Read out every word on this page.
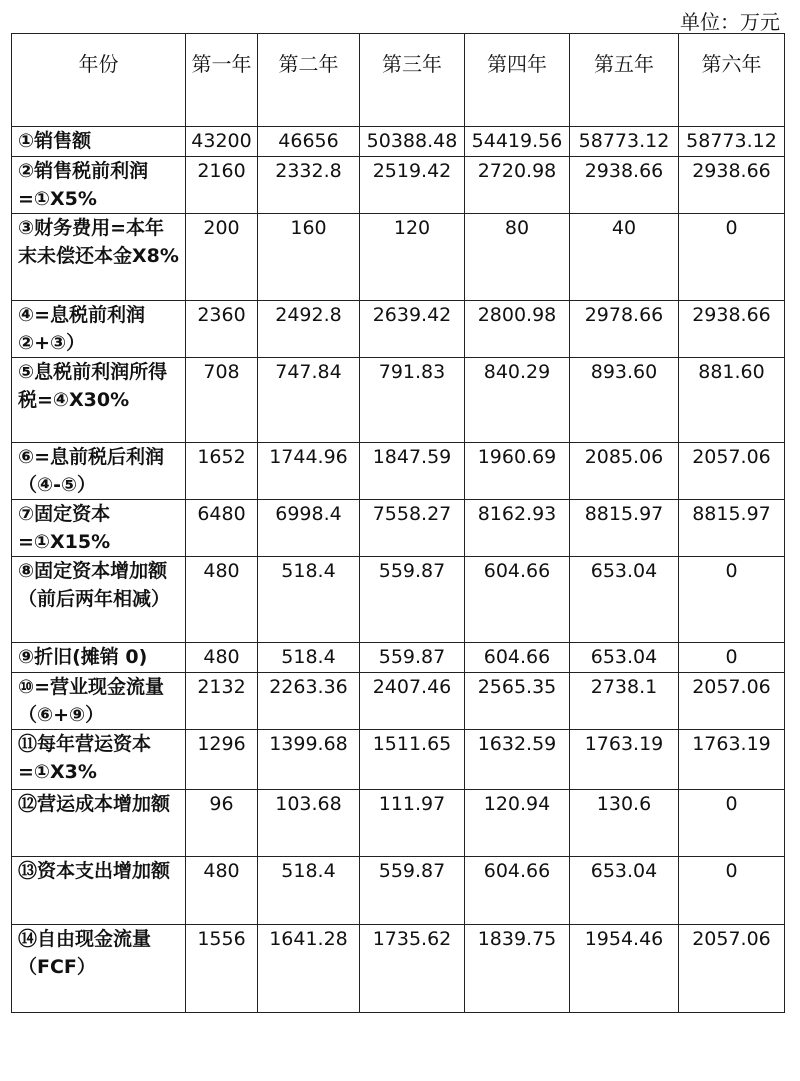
单位：万元
年份	第一年	第二年	第三年	第四年	第五年	第六年
①销售额	43200	46656	50388.48	54419.56	58773.12	58773.12
②销售税前利润=①X5%	2160	2332.8	2519.42	2720.98	2938.66	2938.66
③财务费用=本年末未偿还本金X8%	200	160	120	80	40	0
④=息税前利润②+③）	2360	2492.8	2639.42	2800.98	2978.66	2938.66
⑤息税前利润所得税=④X30%	708	747.84	791.83	840.29	893.60	881.60
⑥=息前税后利润（④-⑤）	1652	1744.96	1847.59	1960.69	2085.06	2057.06
⑦固定资本=①X15%	6480	6998.4	7558.27	8162.93	8815.97	8815.97
⑧固定资本增加额（前后两年相减）	480	518.4	559.87	604.66	653.04	0
⑨折旧(摊销 0)	480	518.4	559.87	604.66	653.04	0
⑩=营业现金流量 （⑥+⑨）	2132	2263.36	2407.46	2565.35	2738.1	2057.06
⑪每年营运资本=①X3%	1296	1399.68	1511.65	1632.59	1763.19	1763.19
⑫营运成本增加额	96	103.68	111.97	120.94	130.6	0
⑬资本支出增加额	480	518.4	559.87	604.66	653.04	0
⑭自由现金流量（FCF）	1556	1641.28	1735.62	1839.75	1954.46	2057.06
